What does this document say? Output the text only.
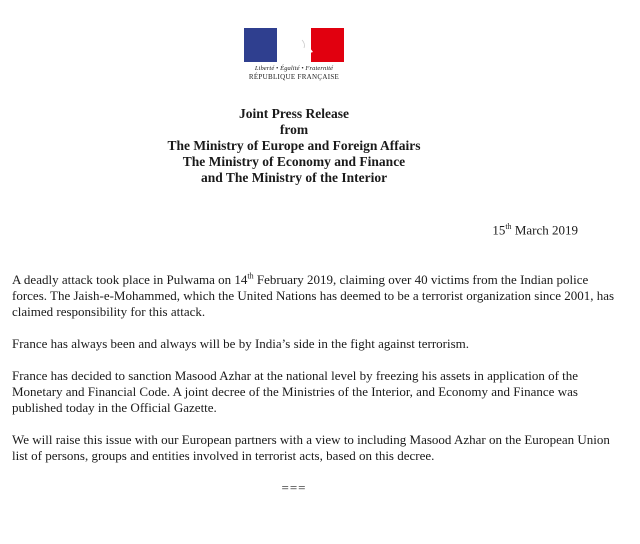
Liberté • Égalité • Fraternité
RÉPUBLIQUE FRANÇAISE
Joint Press Release
from
The Ministry of Europe and Foreign Affairs
The Ministry of Economy and Finance
and The Ministry of the Interior
15th March 2019

A deadly attack took place in Pulwama on 14th February 2019, claiming over 40 victims from the Indian police forces. The Jaish-e-Mohammed, which the United Nations has deemed to be a terrorist organization since 2001, has claimed responsibility for this attack.

France has always been and always will be by India’s side in the fight against terrorism.

France has decided to sanction Masood Azhar at the national level by freezing his assets in application of the Monetary and Financial Code. A joint decree of the Ministries of the Interior, and Economy and Finance was published today in the Official Gazette.

We will raise this issue with our European partners with a view to including Masood Azhar on the European Union list of persons, groups and entities involved in terrorist acts, based on this decree.

===
